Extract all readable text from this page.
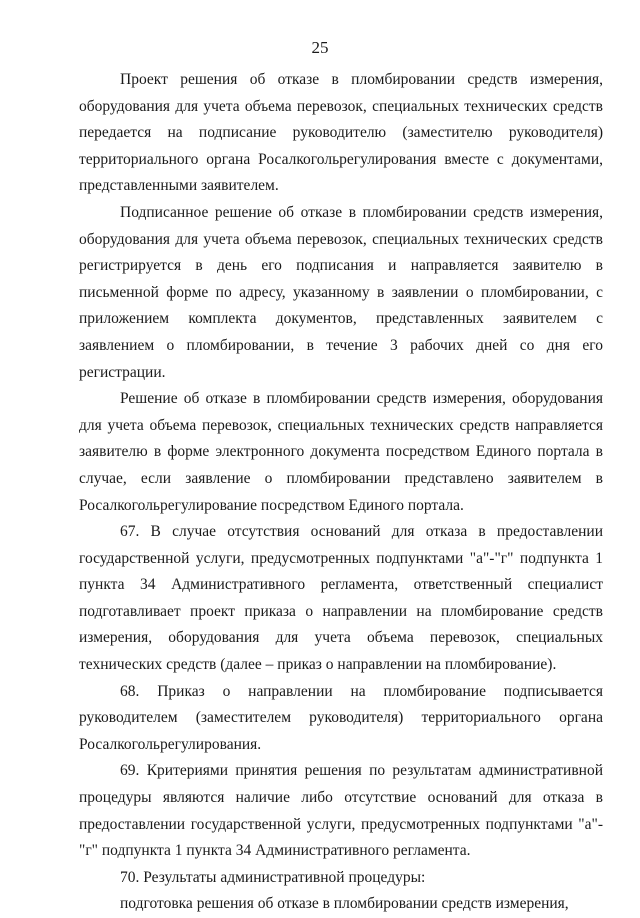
25

Проект решения об отказе в пломбировании средств измерения, оборудования для учета объема перевозок, специальных технических средств передается на подписание руководителю (заместителю руководителя) территориального органа Росалкогольрегулирования вместе с документами, представленными заявителем.

Подписанное решение об отказе в пломбировании средств измерения, оборудования для учета объема перевозок, специальных технических средств регистрируется в день его подписания и направляется заявителю в письменной форме по адресу, указанному в заявлении о пломбировании, с приложением комплекта документов, представленных заявителем с заявлением о пломбировании, в течение 3 рабочих дней со дня его регистрации.

Решение об отказе в пломбировании средств измерения, оборудования для учета объема перевозок, специальных технических средств направляется заявителю в форме электронного документа посредством Единого портала в случае, если заявление о пломбировании представлено заявителем в Росалкогольрегулирование посредством Единого портала.

67. В случае отсутствия оснований для отказа в предоставлении государственной услуги, предусмотренных подпунктами "а"-"г" подпункта 1 пункта 34 Административного регламента, ответственный специалист подготавливает проект приказа о направлении на пломбирование средств измерения, оборудования для учета объема перевозок, специальных технических средств (далее – приказ о направлении на пломбирование).

68. Приказ о направлении на пломбирование подписывается руководителем (заместителем руководителя) территориального органа Росалкогольрегулирования.

69. Критериями принятия решения по результатам административной процедуры являются наличие либо отсутствие оснований для отказа в предоставлении государственной услуги, предусмотренных подпунктами "а"-"г" подпункта 1 пункта 34 Административного регламента.

70. Результаты административной процедуры:

подготовка решения об отказе в пломбировании средств измерения,
